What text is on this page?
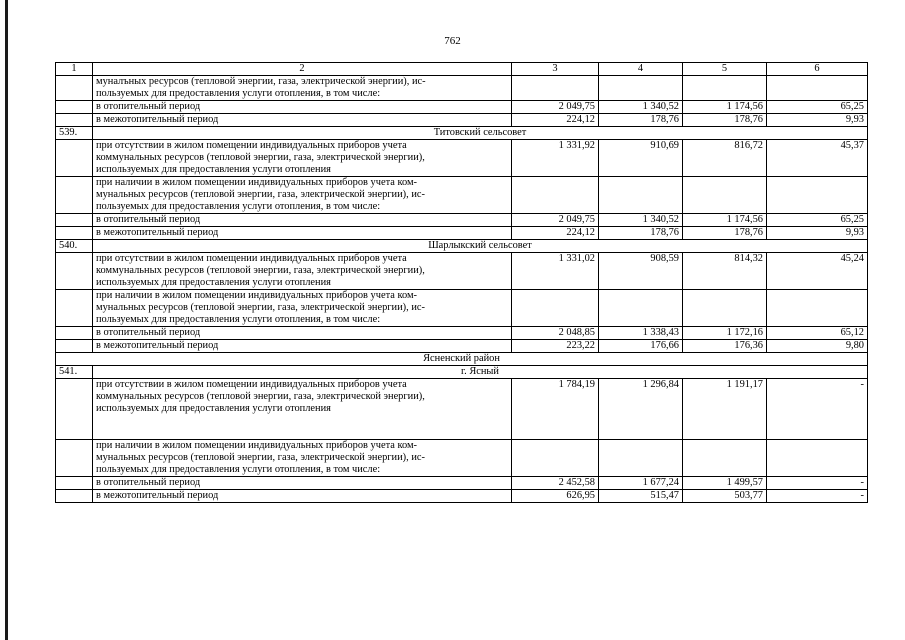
762
1	2	3	4	5	6

	муналъных ресурсов (тепловой энергии, газа, электрической энергии), ис-
пользуемых для предоставления услуги отопления, в том числе:				

	в отопительный период	2 049,75	1 340,52	1 174,56	65,25

	в межотопительный период	224,12	178,76	178,76	9,93
539.	Титовский сельсовет				

	при отсутствии в жилом помещении индивидуальных приборов учета
коммунальных ресурсов (тепловой энергии, газа, электрической энергии),
используемых для предоставления услуги отопления	1 331,92	910,69	816,72	45,37

	при наличии в жилом помещении индивидуальных приборов учета ком-
мунальных ресурсов (тепловой энергии, газа, электрической энергии), ис-
пользуемых для предоставления услуги отопления, в том числе:				

	в отопительный период	2 049,75	1 340,52	1 174,56	65,25

	в межотопительный период	224,12	178,76	178,76	9,93
540.	Шарлыкский сельсовет				

	при отсутствии в жилом помещении индивидуальных приборов учета
коммунальных ресурсов (тепловой энергии, газа, электрической энергии),
используемых для предоставления услуги отопления	1 331,02	908,59	814,32	45,24

	при наличии в жилом помещении индивидуальных приборов учета ком-
мунальных ресурсов (тепловой энергии, газа, электрической энергии), ис-
пользуемых для предоставления услуги отопления, в том числе:				

	в отопительный период	2 048,85	1 338,43	1 172,16	65,12

	в межотопительный период	223,22	176,66	176,36	9,80
Ясненский район					
541.	г. Ясный				

	при отсутствии в жилом помещении индивидуальных приборов учета
коммунальных ресурсов (тепловой энергии, газа, электрической энергии),
используемых для предоставления услуги отопления	1 784,19	1 296,84	1 191,17	-

	при наличии в жилом помещении индивидуальных приборов учета ком-
мунальных ресурсов (тепловой энергии, газа, электрической энергии), ис-
пользуемых для предоставления услуги отопления, в том числе:				

	в отопительный период	2 452,58	1 677,24	1 499,57	-

	в межотопительный период	626,95	515,47	503,77	-
